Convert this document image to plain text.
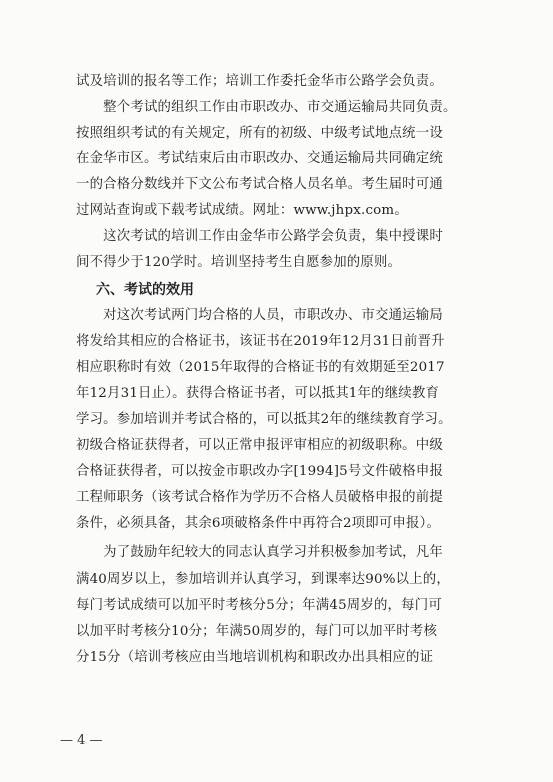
试及培训的报名等工作；培训工作委托金华市公路学会负责。
　　整个考试的组织工作由市职改办、市交通运输局共同负责。
按照组织考试的有关规定，所有的初级、中级考试地点统一设
在金华市区。考试结束后由市职改办、交通运输局共同确定统
一的合格分数线并下文公布考试合格人员名单。考生届时可通
过网站查询或下载考试成绩。网址：www.jhpx.com。
　　这次考试的培训工作由金华市公路学会负责，集中授课时
间不得少于120学时。培训坚持考生自愿参加的原则。
六、考试的效用
　　对这次考试两门均合格的人员，市职改办、市交通运输局
将发给其相应的合格证书，该证书在2019年12月31日前晋升
相应职称时有效（2015年取得的合格证书的有效期延至2017
年12月31日止）。获得合格证书者，可以抵其1年的继续教育
学习。参加培训并考试合格的，可以抵其2年的继续教育学习。
初级合格证获得者，可以正常申报评审相应的初级职称。中级
合格证获得者，可以按金市职改办字[1994]5号文件破格申报
工程师职务（该考试合格作为学历不合格人员破格申报的前提
条件，必须具备，其余6项破格条件中再符合2项即可申报）。
　　为了鼓励年纪较大的同志认真学习并积极参加考试，凡年
满40周岁以上，参加培训并认真学习，到课率达90%以上的，
每门考试成绩可以加平时考核分5分；年满45周岁的，每门可
以加平时考核分10分；年满50周岁的，每门可以加平时考核
分15分（培训考核应由当地培训机构和职改办出具相应的证
— 4 —
